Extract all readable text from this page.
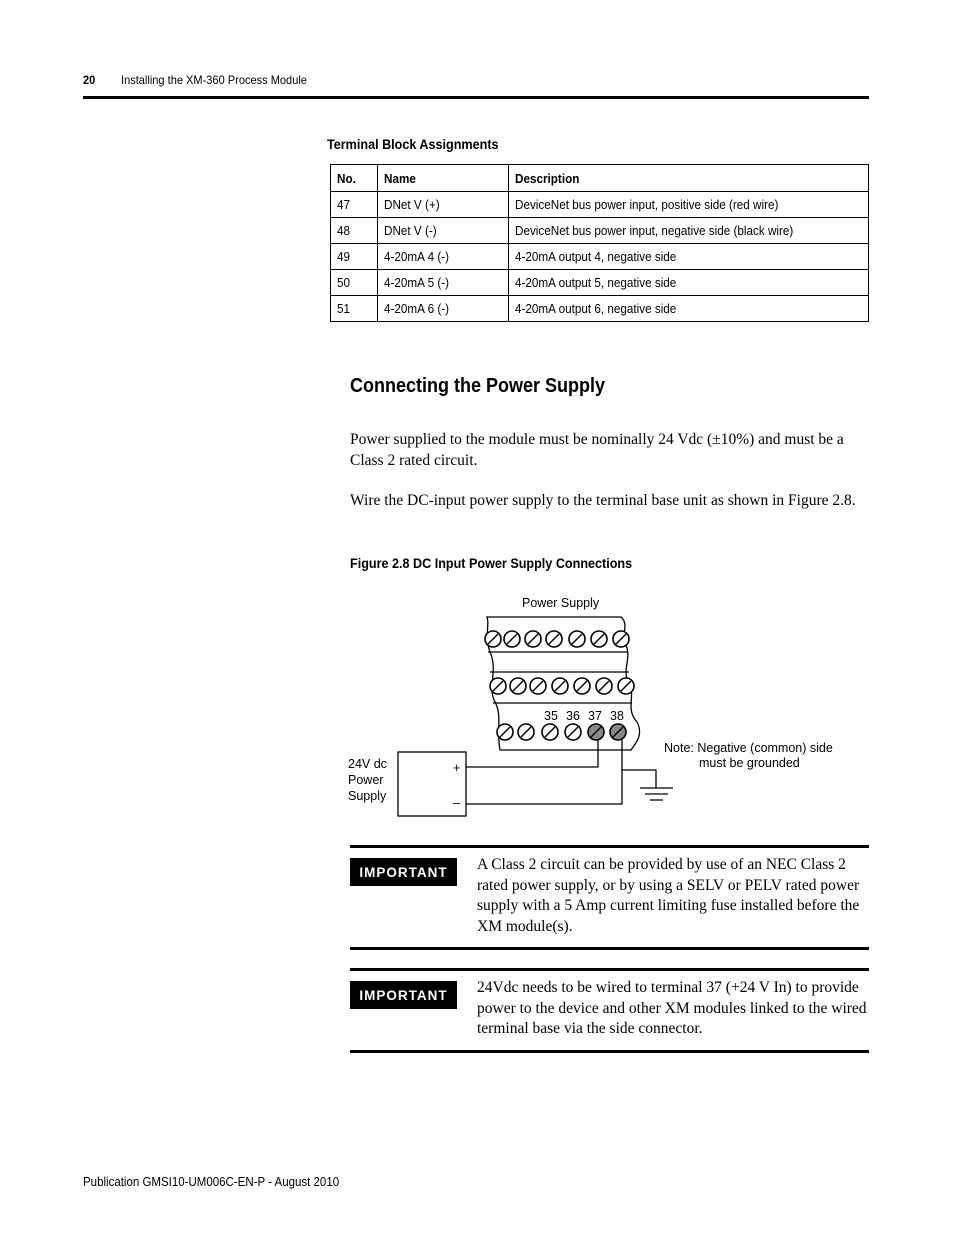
20 Installing the XM-360 Process Module
Terminal Block Assignments
No.	Name	Description
47	DNet V (+)	DeviceNet bus power input, positive side (red wire)
48	DNet V (-)	DeviceNet bus power input, negative side (black wire)
49	4-20mA 4 (-)	4-20mA output 4, negative side
50	4-20mA 5 (-)	4-20mA output 5, negative side
51	4-20mA 6 (-)	4-20mA output 6, negative side
Connecting the Power Supply
Power supplied to the module must be nominally 24 Vdc (±10%) and must be a Class 2 rated circuit.
Wire the DC-input power supply to the terminal base unit as shown in Figure 2.8.
Figure 2.8 DC Input Power Supply Connections
Power Supply
35 36 37 38
+
–
24V dc
Power
Supply
Note: Negative (common) side
must be grounded
IMPORTANT	A Class 2 circuit can be provided by use of an NEC Class 2 rated power supply, or by using a SELV or PELV rated power supply with a 5 Amp current limiting fuse installed before the XM module(s).
IMPORTANT	24Vdc needs to be wired to terminal 37 (+24 V In) to provide power to the device and other XM modules linked to the wired terminal base via the side connector.
Publication GMSI10-UM006C-EN-P - August 2010
